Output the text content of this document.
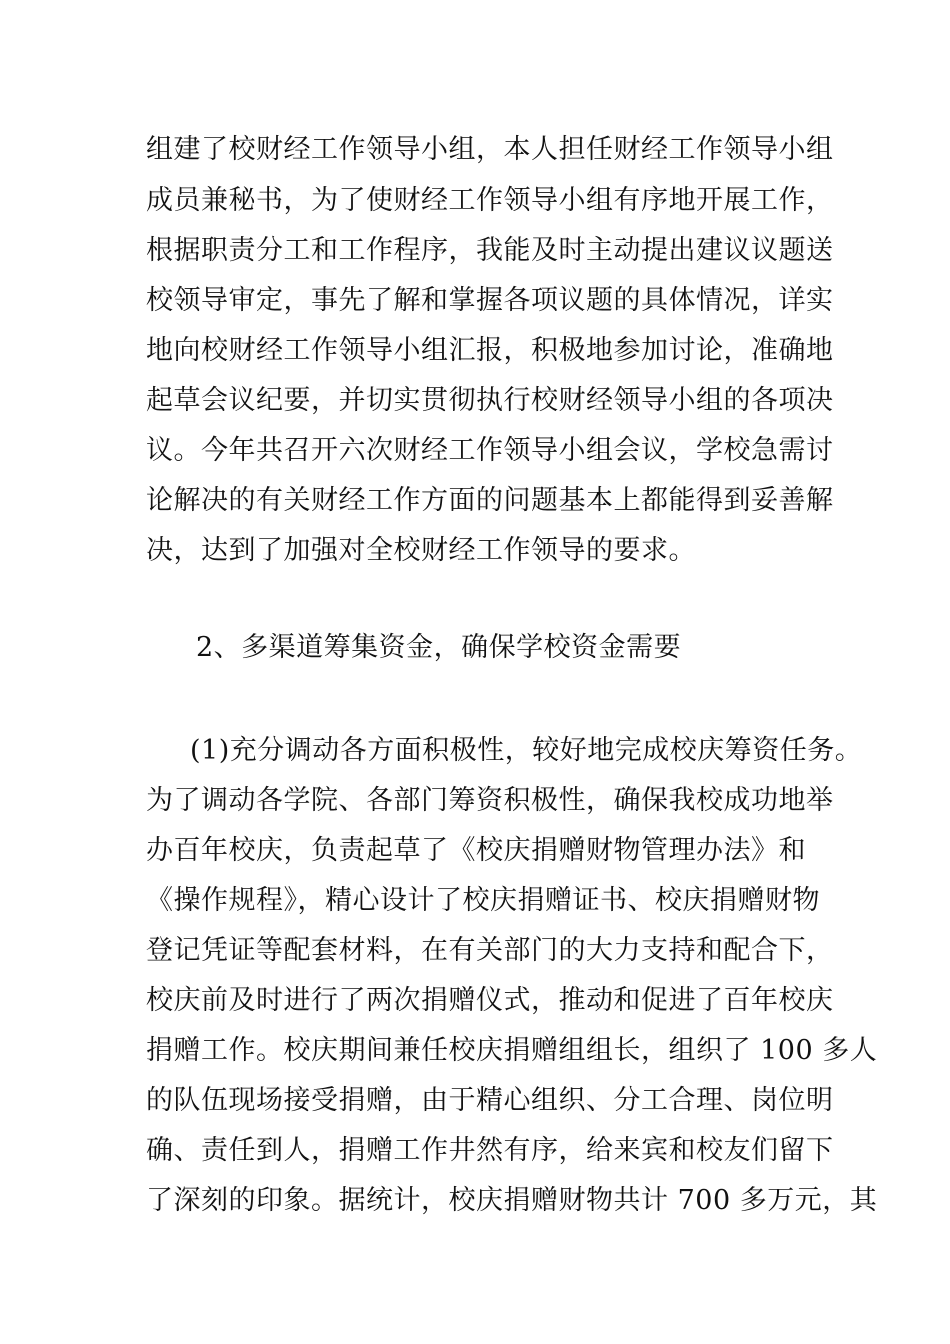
组建了校财经工作领导小组，本人担任财经工作领导小组
成员兼秘书，为了使财经工作领导小组有序地开展工作，
根据职责分工和工作程序，我能及时主动提出建议议题送
校领导审定，事先了解和掌握各项议题的具体情况，详实
地向校财经工作领导小组汇报，积极地参加讨论，准确地
起草会议纪要，并切实贯彻执行校财经领导小组的各项决
议。今年共召开六次财经工作领导小组会议，学校急需讨
论解决的有关财经工作方面的问题基本上都能得到妥善解
决，达到了加强对全校财经工作领导的要求。
2、多渠道筹集资金，确保学校资金需要
(1)充分调动各方面积极性，较好地完成校庆筹资任务。
为了调动各学院、各部门筹资积极性，确保我校成功地举
办百年校庆，负责起草了《校庆捐赠财物管理办法》和
《操作规程》，精心设计了校庆捐赠证书、校庆捐赠财物
登记凭证等配套材料，在有关部门的大力支持和配合下，
校庆前及时进行了两次捐赠仪式，推动和促进了百年校庆
捐赠工作。校庆期间兼任校庆捐赠组组长，组织了 100 多人
的队伍现场接受捐赠，由于精心组织、分工合理、岗位明
确、责任到人，捐赠工作井然有序，给来宾和校友们留下
了深刻的印象。据统计，校庆捐赠财物共计 700 多万元，其
